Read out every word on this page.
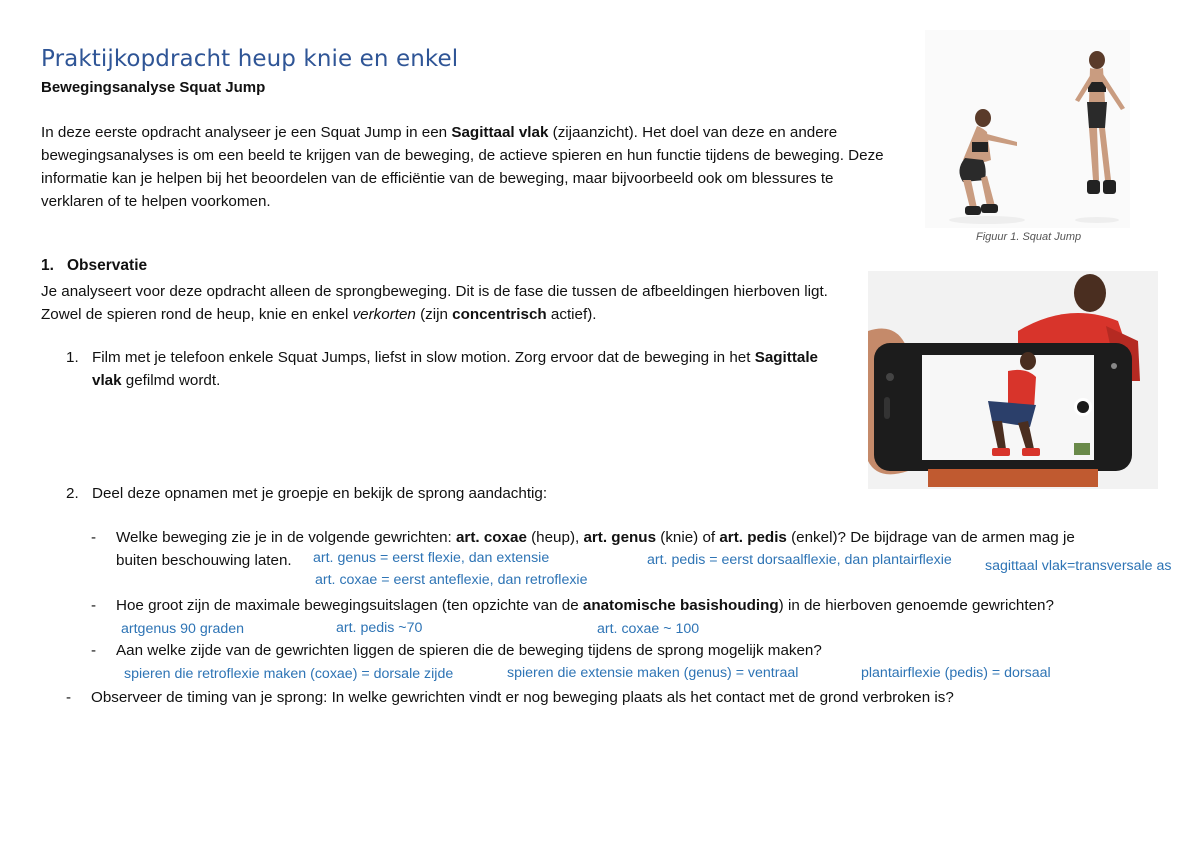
Praktijkopdracht heup knie en enkel
Bewegingsanalyse Squat Jump
In deze eerste opdracht analyseer je een Squat Jump in een Sagittaal vlak (zijaanzicht). Het doel van deze en andere
bewegingsanalyses is om een beeld te krijgen van de beweging, de actieve spieren en hun functie tijdens de beweging. Deze
informatie kan je helpen bij het beoordelen van de efficiëntie van de beweging, maar bijvoorbeeld ook om blessures te
verklaren of te helpen voorkomen.
Figuur 1. Squat Jump
1. Observatie
Je analyseert voor deze opdracht alleen de sprongbeweging. Dit is de fase die tussen de afbeeldingen hierboven ligt.
Zowel de spieren rond de heup, knie en enkel verkorten (zijn concentrisch actief).
1. Film met je telefoon enkele Squat Jumps, liefst in slow motion. Zorg ervoor dat de beweging in het Sagittale
vlak gefilmd wordt.
2. Deel deze opnamen met je groepje en bekijk de sprong aandachtig:
- Welke beweging zie je in de volgende gewrichten: art. coxae (heup), art. genus (knie) of art. pedis (enkel)? De bijdrage van de armen mag je
buiten beschouwing laten.	art. genus = eerst flexie, dan extensie	art. pedis = eerst dorsaalflexie, dan plantairflexie sagittaal vlak=transversale as
art. coxae = eerst anteflexie, dan retroflexie
- Hoe groot zijn de maximale bewegingsuitslagen (ten opzichte van de anatomische basishouding) in de hierboven genoemde gewrichten?
artgenus 90 graden	art. pedis ~70	art. coxae ~ 100
- Aan welke zijde van de gewrichten liggen de spieren die de beweging tijdens de sprong mogelijk maken?
spieren die retroflexie maken (coxae) = dorsale zijde	spieren die extensie maken (genus) = ventraal	plantairflexie (pedis) = dorsaal
- Observeer de timing van je sprong: In welke gewrichten vindt er nog beweging plaats als het contact met de grond verbroken is?
